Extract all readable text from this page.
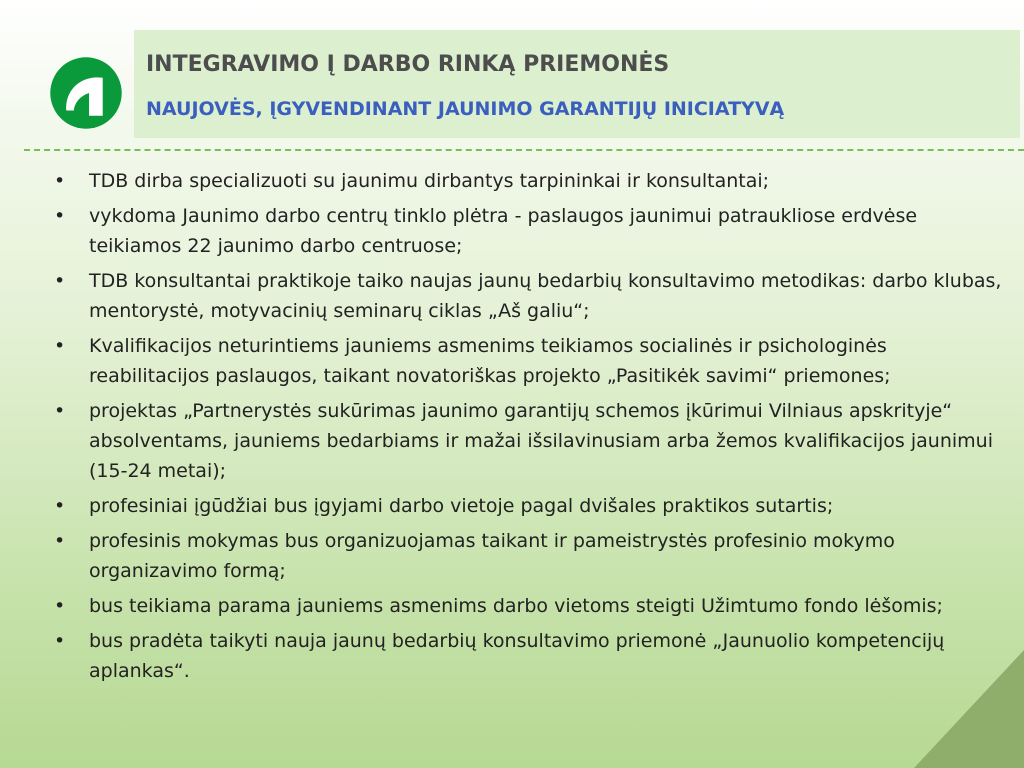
INTEGRAVIMO Į DARBO RINKĄ PRIEMONĖS
NAUJOVĖS, ĮGYVENDINANT JAUNIMO GARANTIJŲ INICIATYVĄ
• TDB dirba specializuoti su jaunimu dirbantys tarpininkai ir konsultantai;
• vykdoma Jaunimo darbo centrų tinklo plėtra - paslaugos jaunimui patraukliose erdvėse teikiamos 22 jaunimo darbo centruose;
• TDB konsultantai praktikoje taiko naujas jaunų bedarbių konsultavimo metodikas: darbo klubas, mentorystė, motyvacinių seminarų ciklas „Aš galiu“;
• Kvalifikacijos neturintiems jauniems asmenims teikiamos socialinės ir psichologinės reabilitacijos paslaugos, taikant novatoriškas projekto „Pasitikėk savimi“ priemones;
• projektas „Partnerystės sukūrimas jaunimo garantijų schemos įkūrimui Vilniaus apskrityje“ absolventams, jauniems bedarbiams ir mažai išsilavinusiam arba žemos kvalifikacijos jaunimui (15-24 metai);
• profesiniai įgūdžiai bus įgyjami darbo vietoje pagal dvišales praktikos sutartis;
• profesinis mokymas bus organizuojamas taikant ir pameistrystės profesinio mokymo organizavimo formą;
• bus teikiama parama jauniems asmenims darbo vietoms steigti Užimtumo fondo lėšomis;
• bus pradėta taikyti nauja jaunų bedarbių konsultavimo priemonė „Jaunuolio kompetencijų aplankas“.
